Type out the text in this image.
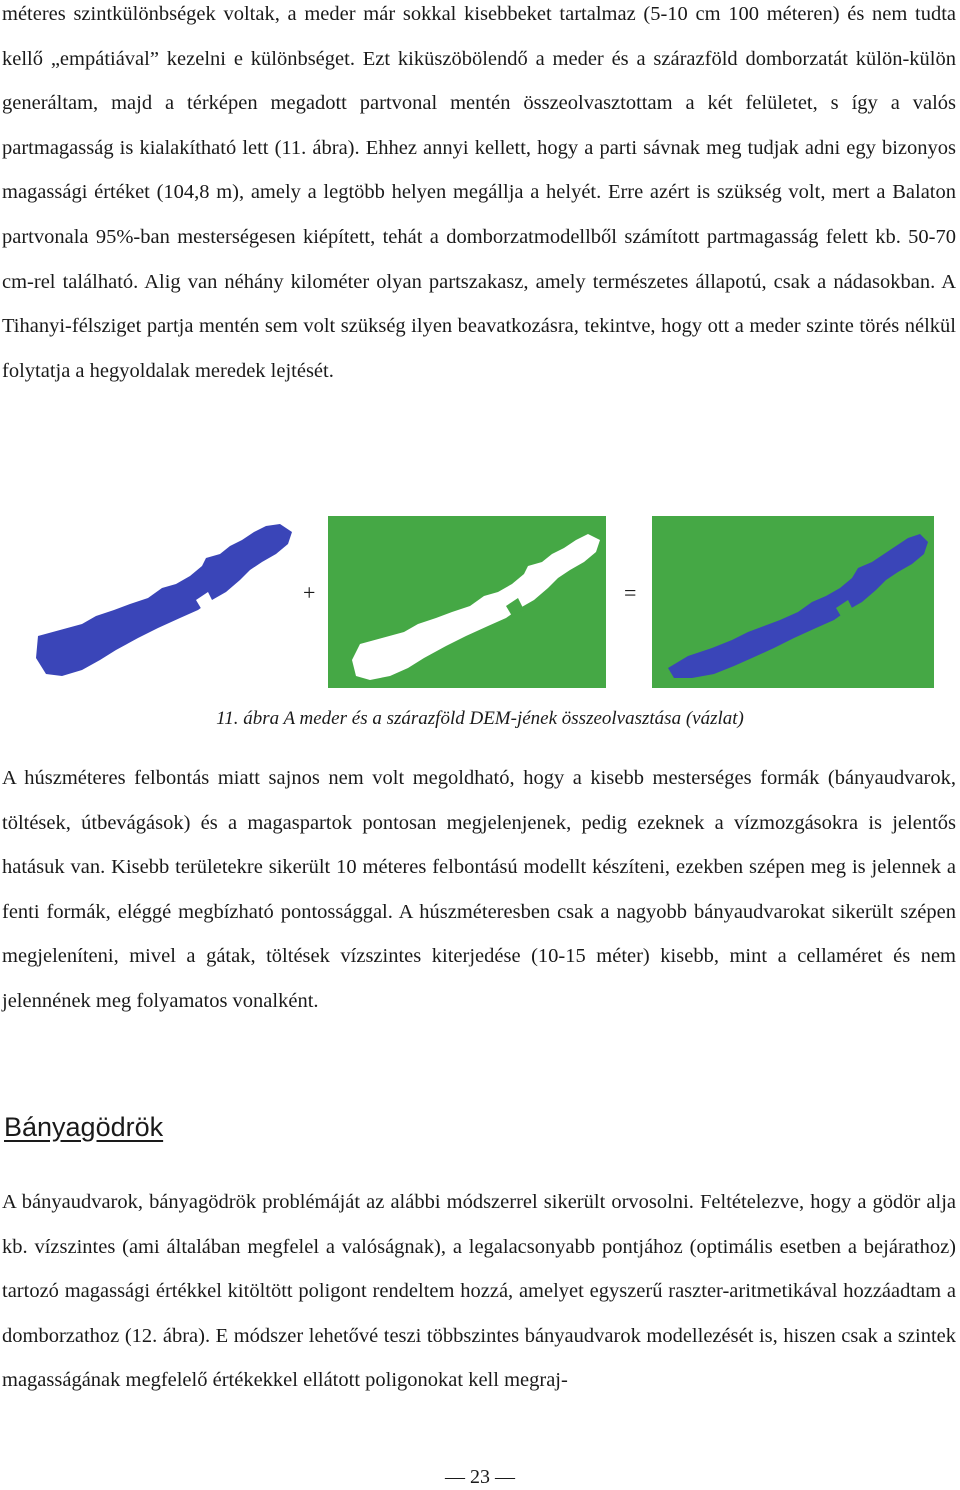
méteres szintkülönbségek voltak, a meder már sokkal kisebbeket tartalmaz (5-10 cm 100 méteren) és nem tudta kellő „empátiával” kezelni e különbséget. Ezt kiküszöbölendő a meder és a szárazföld domborzatát külön-külön generáltam, majd a térképen megadott partvonal mentén összeolvasztottam a két felületet, s így a valós partmagasság is kialakítható lett (11. ábra). Ehhez annyi kellett, hogy a parti sávnak meg tudjak adni egy bizonyos magassági értéket (104,8 m), amely a legtöbb helyen megállja a helyét. Erre azért is szükség volt, mert a Balaton partvonala 95%-ban mesterségesen kiépített, tehát a domborzatmodellből számított partmagasság felett kb. 50-70 cm-rel található. Alig van néhány kilométer olyan partszakasz, amely természetes állapotú, csak a nádasokban. A Tihanyi-félsziget partja mentén sem volt szükség ilyen beavatkozásra, tekintve, hogy ott a meder szinte törés nélkül folytatja a hegyoldalak meredek lejtését.

+	=
11. ábra A meder és a szárazföld DEM-jének összeolvasztása (vázlat)

A húszméteres felbontás miatt sajnos nem volt megoldható, hogy a kisebb mesterséges formák (bányaudvarok, töltések, útbevágások) és a magaspartok pontosan megjelenjenek, pedig ezeknek a vízmozgásokra is jelentős hatásuk van. Kisebb területekre sikerült 10 méteres felbontású modellt készíteni, ezekben szépen meg is jelennek a fenti formák, eléggé megbízható pontossággal. A húszméteresben csak a nagyobb bányaudvarokat sikerült szépen megjeleníteni, mivel a gátak, töltések vízszintes kiterjedése (10-15 méter) kisebb, mint a cellaméret és nem jelennének meg folyamatos vonalként.

Bányagödrök

A bányaudvarok, bányagödrök problémáját az alábbi módszerrel sikerült orvosolni. Feltételezve, hogy a gödör alja kb. vízszintes (ami általában megfelel a valóságnak), a legalacsonyabb pontjához (optimális esetben a bejárathoz) tartozó magassági értékkel kitöltött poligont rendeltem hozzá, amelyet egyszerű raszter-aritmetikával hozzáadtam a domborzathoz (12. ábra). E módszer lehetővé teszi többszintes bányaudvarok modellezését is, hiszen csak a szintek magasságának megfelelő értékekkel ellátott poligonokat kell megraj-

— 23 —
